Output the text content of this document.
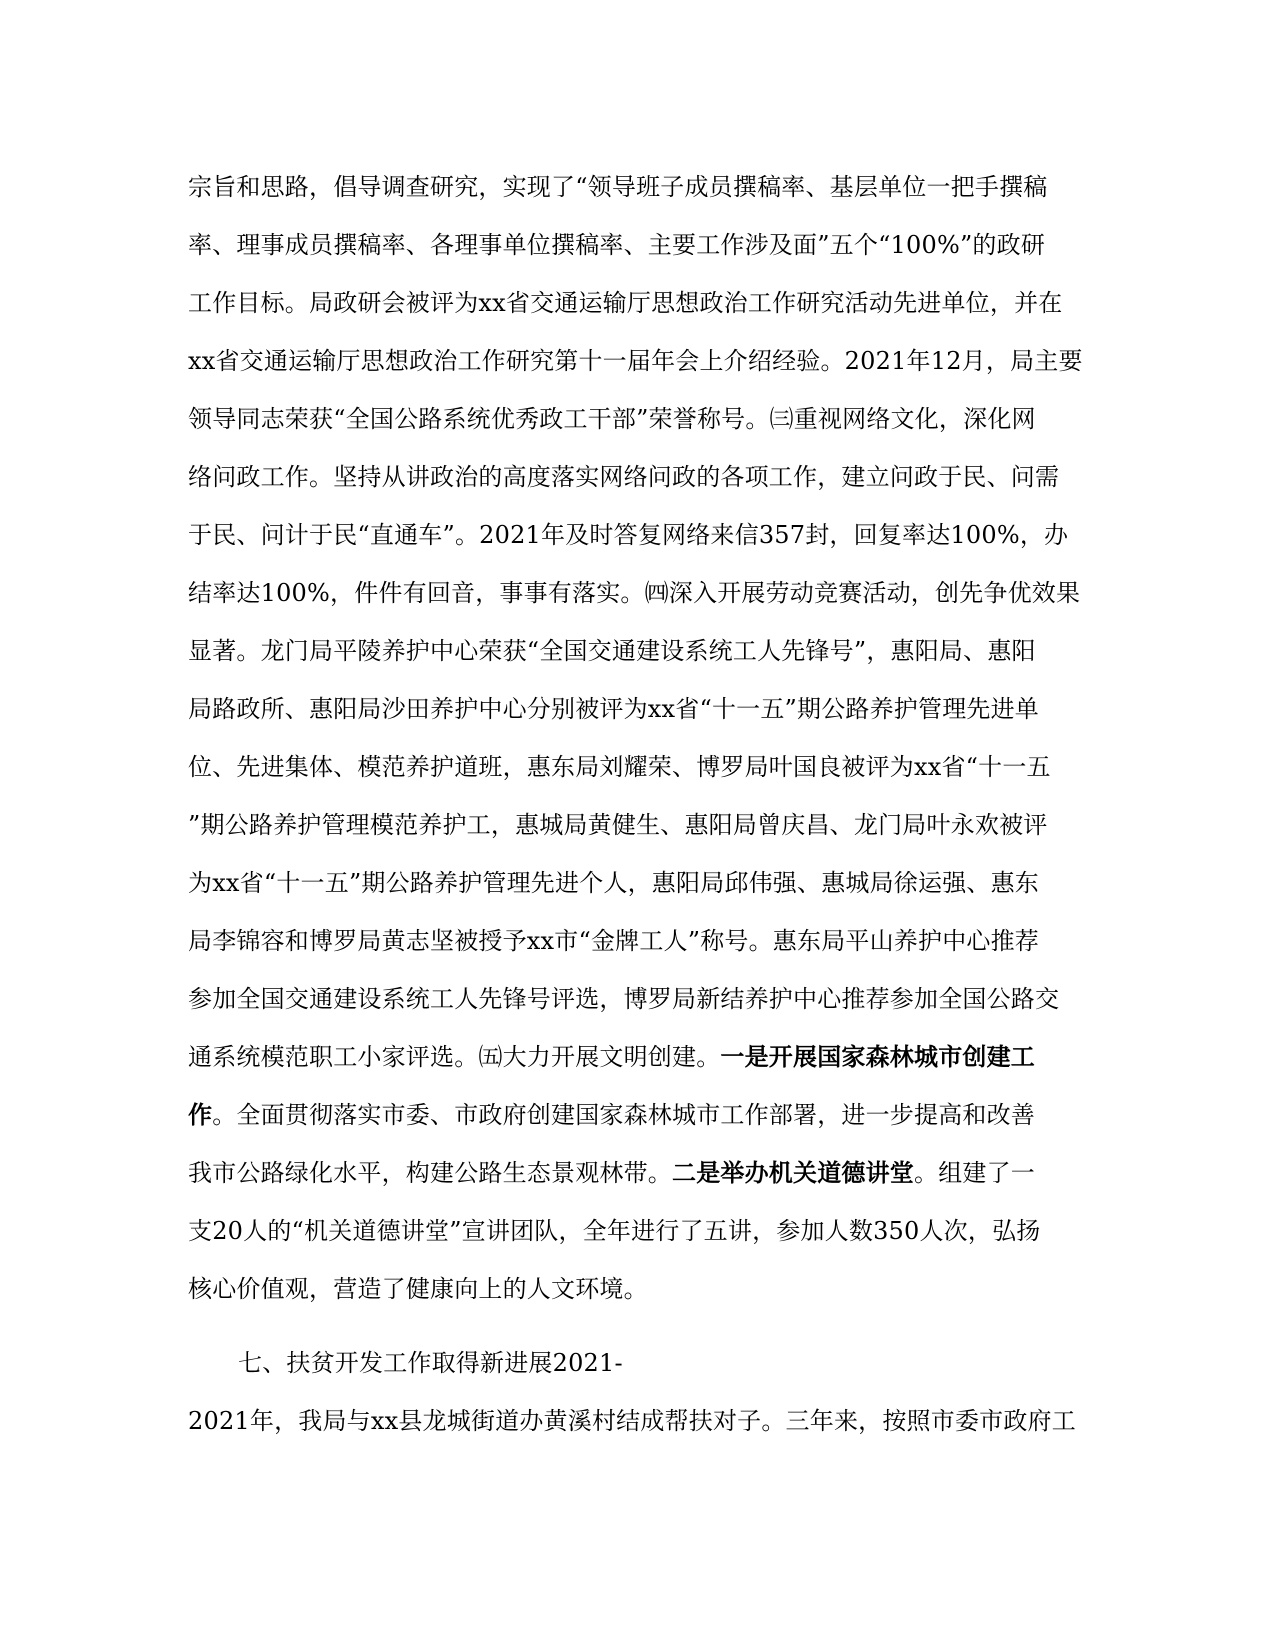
宗旨和思路，倡导调查研究，实现了“领导班子成员撰稿率、基层单位一把手撰稿
率、理事成员撰稿率、各理事单位撰稿率、主要工作涉及面”五个“100%”的政研
工作目标。局政研会被评为xx省交通运输厅思想政治工作研究活动先进单位，并在
xx省交通运输厅思想政治工作研究第十一届年会上介绍经验。2021年12月，局主要
领导同志荣获“全国公路系统优秀政工干部”荣誉称号。㈢重视网络文化，深化网
络问政工作。坚持从讲政治的高度落实网络问政的各项工作，建立问政于民、问需
于民、问计于民“直通车”。2021年及时答复网络来信357封，回复率达100%，办
结率达100%，件件有回音，事事有落实。㈣深入开展劳动竞赛活动，创先争优效果
显著。龙门局平陵养护中心荣获“全国交通建设系统工人先锋号”，惠阳局、惠阳
局路政所、惠阳局沙田养护中心分别被评为xx省“十一五”期公路养护管理先进单
位、先进集体、模范养护道班，惠东局刘耀荣、博罗局叶国良被评为xx省“十一五
”期公路养护管理模范养护工，惠城局黄健生、惠阳局曾庆昌、龙门局叶永欢被评
为xx省“十一五”期公路养护管理先进个人，惠阳局邱伟强、惠城局徐运强、惠东
局李锦容和博罗局黄志坚被授予xx市“金牌工人”称号。惠东局平山养护中心推荐
参加全国交通建设系统工人先锋号评选，博罗局新结养护中心推荐参加全国公路交
通系统模范职工小家评选。㈤大力开展文明创建。一是开展国家森林城市创建工
作。全面贯彻落实市委、市政府创建国家森林城市工作部署，进一步提高和改善
我市公路绿化水平，构建公路生态景观林带。二是举办机关道德讲堂。组建了一
支20人的“机关道德讲堂”宣讲团队，全年进行了五讲，参加人数350人次，弘扬
核心价值观，营造了健康向上的人文环境。
七、扶贫开发工作取得新进展2021-
2021年，我局与xx县龙城街道办黄溪村结成帮扶对子。三年来，按照市委市政府工
